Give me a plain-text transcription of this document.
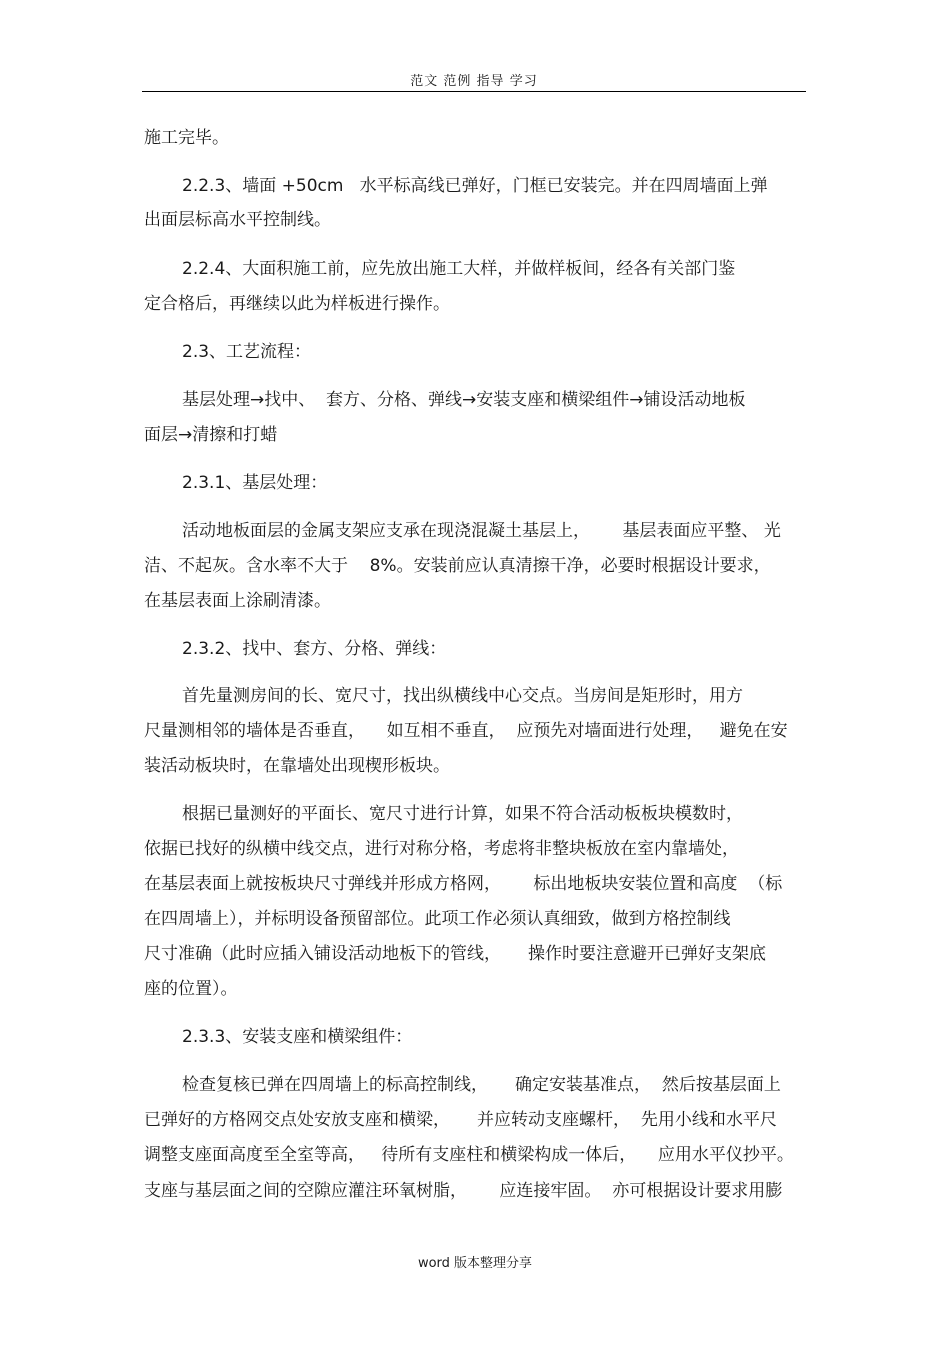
范文 范例 指导 学习
施工完毕。
2.2.3、墙面 +50cm   水平标高线已弹好，门框已安装完。并在四周墙面上弹
出面层标高水平控制线。
2.2.4、大面积施工前，应先放出施工大样，并做样板间，经各有关部门鉴
定合格后，再继续以此为样板进行操作。
2.3、工艺流程：
基层处理→找中、  套方、分格、弹线→安装支座和横梁组件→铺设活动地板
面层→清擦和打蜡
2.3.1、基层处理：
活动地板面层的金属支架应支承在现浇混凝土基层上，      基层表面应平整、 光
洁、不起灰。含水率不大于    8%。安装前应认真清擦干净，必要时根据设计要求，
在基层表面上涂刷清漆。
2.3.2、找中、套方、分格、弹线：
首先量测房间的长、宽尺寸，找出纵横线中心交点。当房间是矩形时，用方
尺量测相邻的墙体是否垂直，    如互相不垂直，  应预先对墙面进行处理，   避免在安
装活动板块时，在靠墙处出现楔形板块。
根据已量测好的平面长、宽尺寸进行计算，如果不符合活动板板块模数时，
依据已找好的纵横中线交点，进行对称分格，考虑将非整块板放在室内靠墙处，
在基层表面上就按板块尺寸弹线并形成方格网，      标出地板块安装位置和高度  （标
在四周墙上），并标明设备预留部位。此项工作必须认真细致，做到方格控制线
尺寸准确（此时应插入铺设活动地板下的管线，     操作时要注意避开已弹好支架底
座的位置）。
2.3.3、安装支座和横梁组件：
检查复核已弹在四周墙上的标高控制线，     确定安装基准点，  然后按基层面上
已弹好的方格网交点处安放支座和横梁，     并应转动支座螺杆，  先用小线和水平尺
调整支座面高度至全室等高，   待所有支座柱和横梁构成一体后，    应用水平仪抄平。
支座与基层面之间的空隙应灌注环氧树脂，      应连接牢固。  亦可根据设计要求用膨
word 版本整理分享
